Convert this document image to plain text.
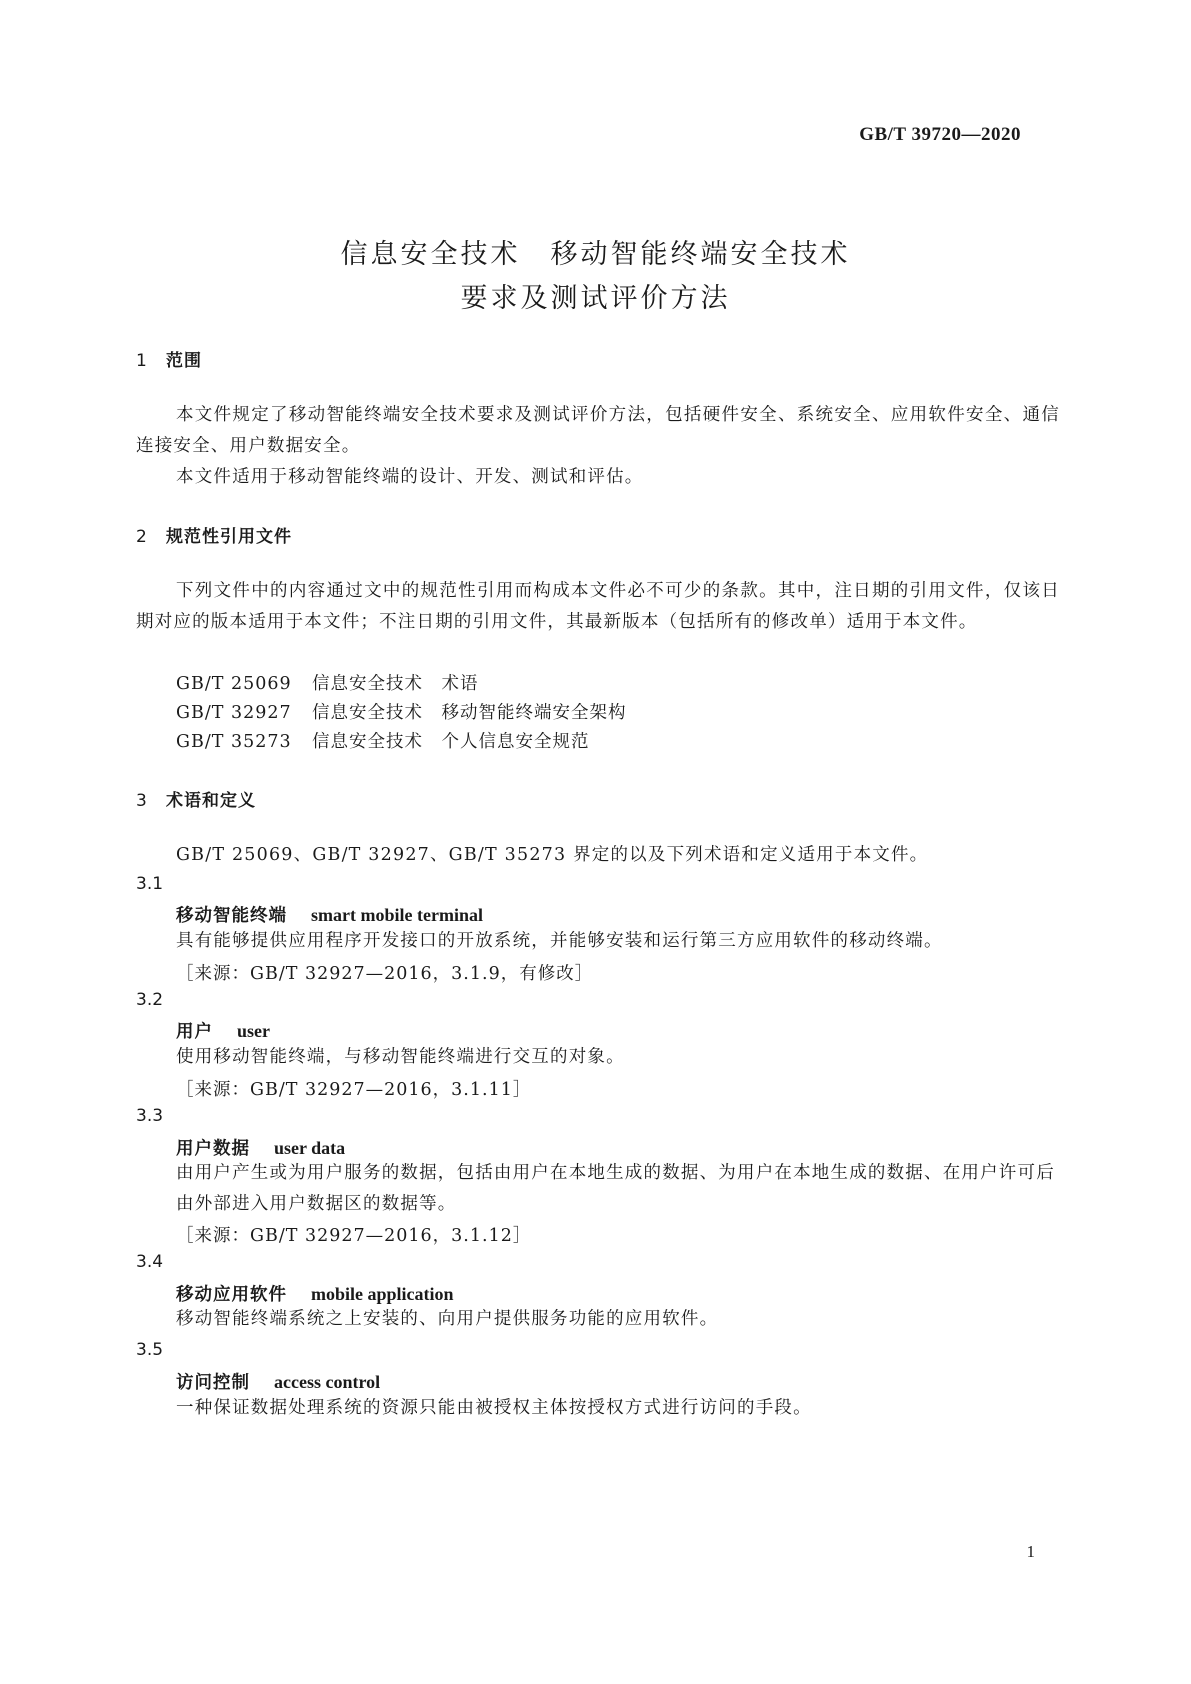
GB/T 39720—2020
信息安全技术　移动智能终端安全技术
要求及测试评价方法
1 范围

本文件规定了移动智能终端安全技术要求及测试评价方法，包括硬件安全、系统安全、应用软件安全、通信连接安全、用户数据安全。

本文件适用于移动智能终端的设计、开发、测试和评估。

2 规范性引用文件

下列文件中的内容通过文中的规范性引用而构成本文件必不可少的条款。其中，注日期的引用文件，仅该日期对应的版本适用于本文件；不注日期的引用文件，其最新版本（包括所有的修改单）适用于本文件。

GB/T 25069 信息安全技术　术语
GB/T 32927 信息安全技术　移动智能终端安全架构
GB/T 35273 信息安全技术　个人信息安全规范
3 术语和定义

GB/T 25069、GB/T 32927、GB/T 35273 界定的以及下列术语和定义适用于本文件。

3.1
移动智能终端 smart mobile terminal

具有能够提供应用程序开发接口的开放系统，并能够安装和运行第三方应用软件的移动终端。

［来源：GB/T 32927—2016，3.1.9，有修改］
3.2
用户 user

使用移动智能终端，与移动智能终端进行交互的对象。

［来源：GB/T 32927—2016，3.1.11］
3.3
用户数据 user data

由用户产生或为用户服务的数据，包括由用户在本地生成的数据、为用户在本地生成的数据、在用户许可后由外部进入用户数据区的数据等。

［来源：GB/T 32927—2016，3.1.12］
3.4
移动应用软件 mobile application

移动智能终端系统之上安装的、向用户提供服务功能的应用软件。

3.5
访问控制 access control

一种保证数据处理系统的资源只能由被授权主体按授权方式进行访问的手段。

1
